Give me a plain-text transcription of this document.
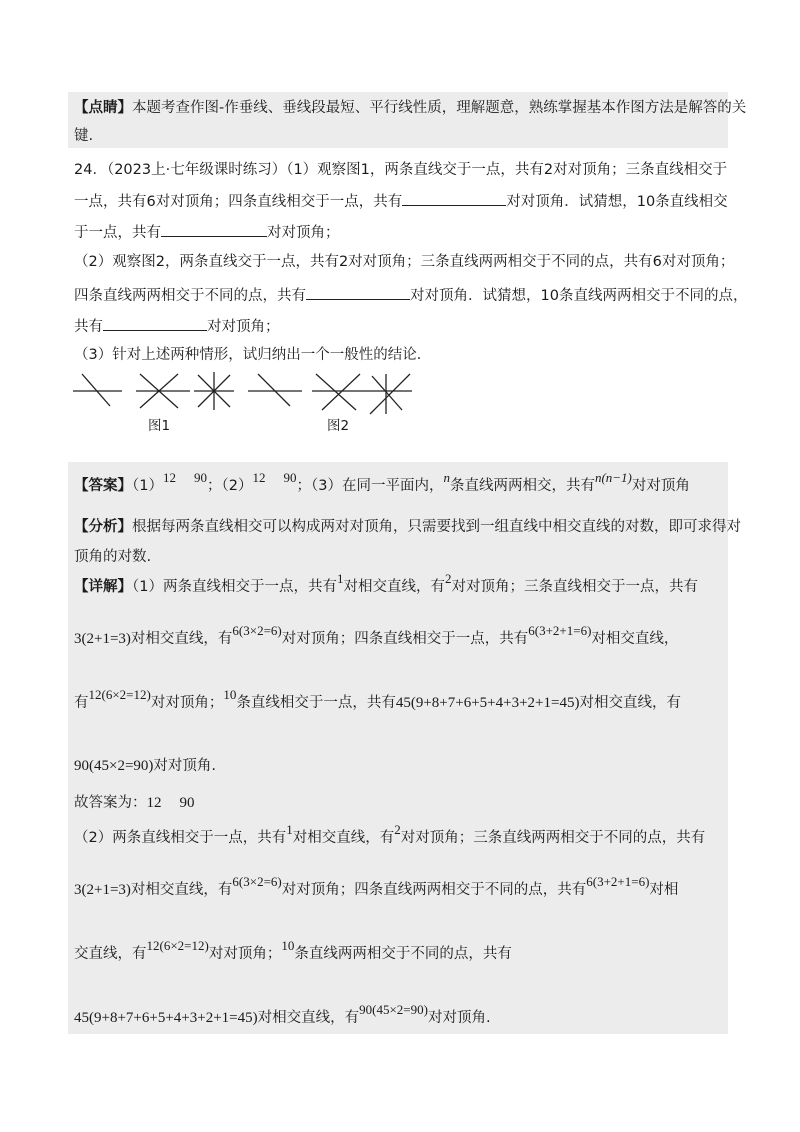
【点睛】本题考查作图-作垂线、垂线段最短、平行线性质，理解题意，熟练掌握基本作图方法是解答的关
键.
24．（2023上·七年级课时练习）（1）观察图1，两条直线交于一点，共有2对对顶角；三条直线相交于
一点，共有6对对顶角；四条直线相交于一点，共有	对对顶角．试猜想，10条直线相交
于一点，共有	对对顶角；
（2）观察图2，两条直线交于一点，共有2对对顶角；三条直线两两相交于不同的点，共有6对对顶角；
四条直线两两相交于不同的点，共有	对对顶角．试猜想，10条直线两两相交于不同的点，
共有	对对顶角；
（3）针对上述两种情形，试归纳出一个一般性的结论．
图1	图2
【答案】（1）12 90；（2）12 90；（3）在同一平面内，n条直线两两相交，共有n(n−1)对对顶角
【分析】根据每两条直线相交可以构成两对对顶角，只需要找到一组直线中相交直线的对数，即可求得对
顶角的对数.
【详解】（1）两条直线相交于一点，共有1对相交直线，有2对对顶角；三条直线相交于一点，共有
3(2+1=3)对相交直线，有6(3×2=6)对对顶角；四条直线相交于一点，共有6(3+2+1=6)对相交直线，
有12(6×2=12)对对顶角；10条直线相交于一点，共有45(9+8+7+6+5+4+3+2+1=45)对相交直线，有
90(45×2=90)对对顶角.
故答案为：12 90
（2）两条直线相交于一点，共有1对相交直线，有2对对顶角；三条直线两两相交于不同的点，共有
3(2+1=3)对相交直线，有6(3×2=6)对对顶角；四条直线两两相交于不同的点，共有6(3+2+1=6)对相
交直线，有12(6×2=12)对对顶角；10条直线两两相交于不同的点，共有
45(9+8+7+6+5+4+3+2+1=45)对相交直线，有90(45×2=90)对对顶角.
